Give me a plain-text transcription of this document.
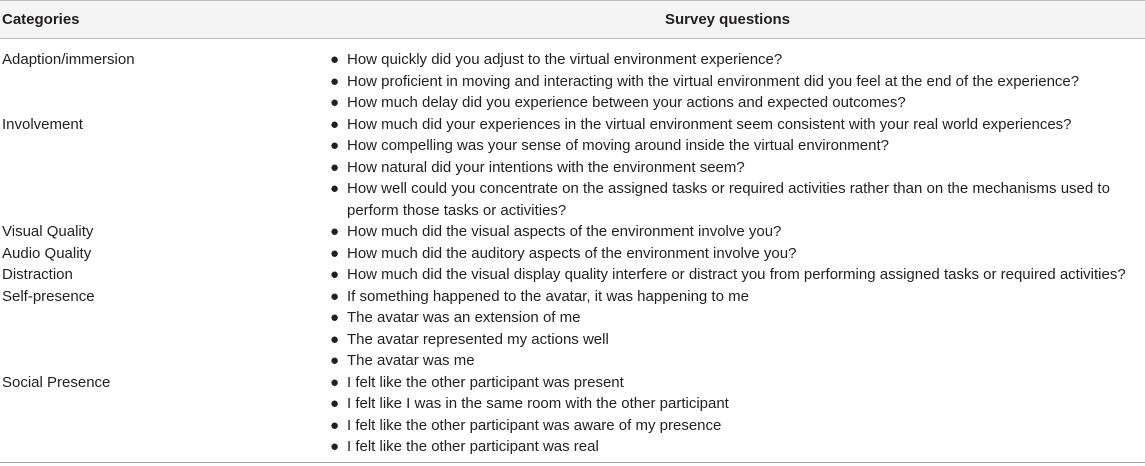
Categories	Survey questions
Adaption/immersion	● How quickly did you adjust to the virtual environment experience?
● How proficient in moving and interacting with the virtual environment did you feel at the end of the experience?
● How much delay did you experience between your actions and expected outcomes?
Involvement	● How much did your experiences in the virtual environment seem consistent with your real world experiences?
● How compelling was your sense of moving around inside the virtual environment?
● How natural did your intentions with the environment seem?
● How well could you concentrate on the assigned tasks or required activities rather than on the mechanisms used to perform those tasks or activities?
Visual Quality	● How much did the visual aspects of the environment involve you?
Audio Quality	● How much did the auditory aspects of the environment involve you?
Distraction	● How much did the visual display quality interfere or distract you from performing assigned tasks or required activities?
Self-presence	● If something happened to the avatar, it was happening to me
● The avatar was an extension of me
● The avatar represented my actions well
● The avatar was me
Social Presence	● I felt like the other participant was present
● I felt like I was in the same room with the other participant
● I felt like the other participant was aware of my presence
● I felt like the other participant was real
